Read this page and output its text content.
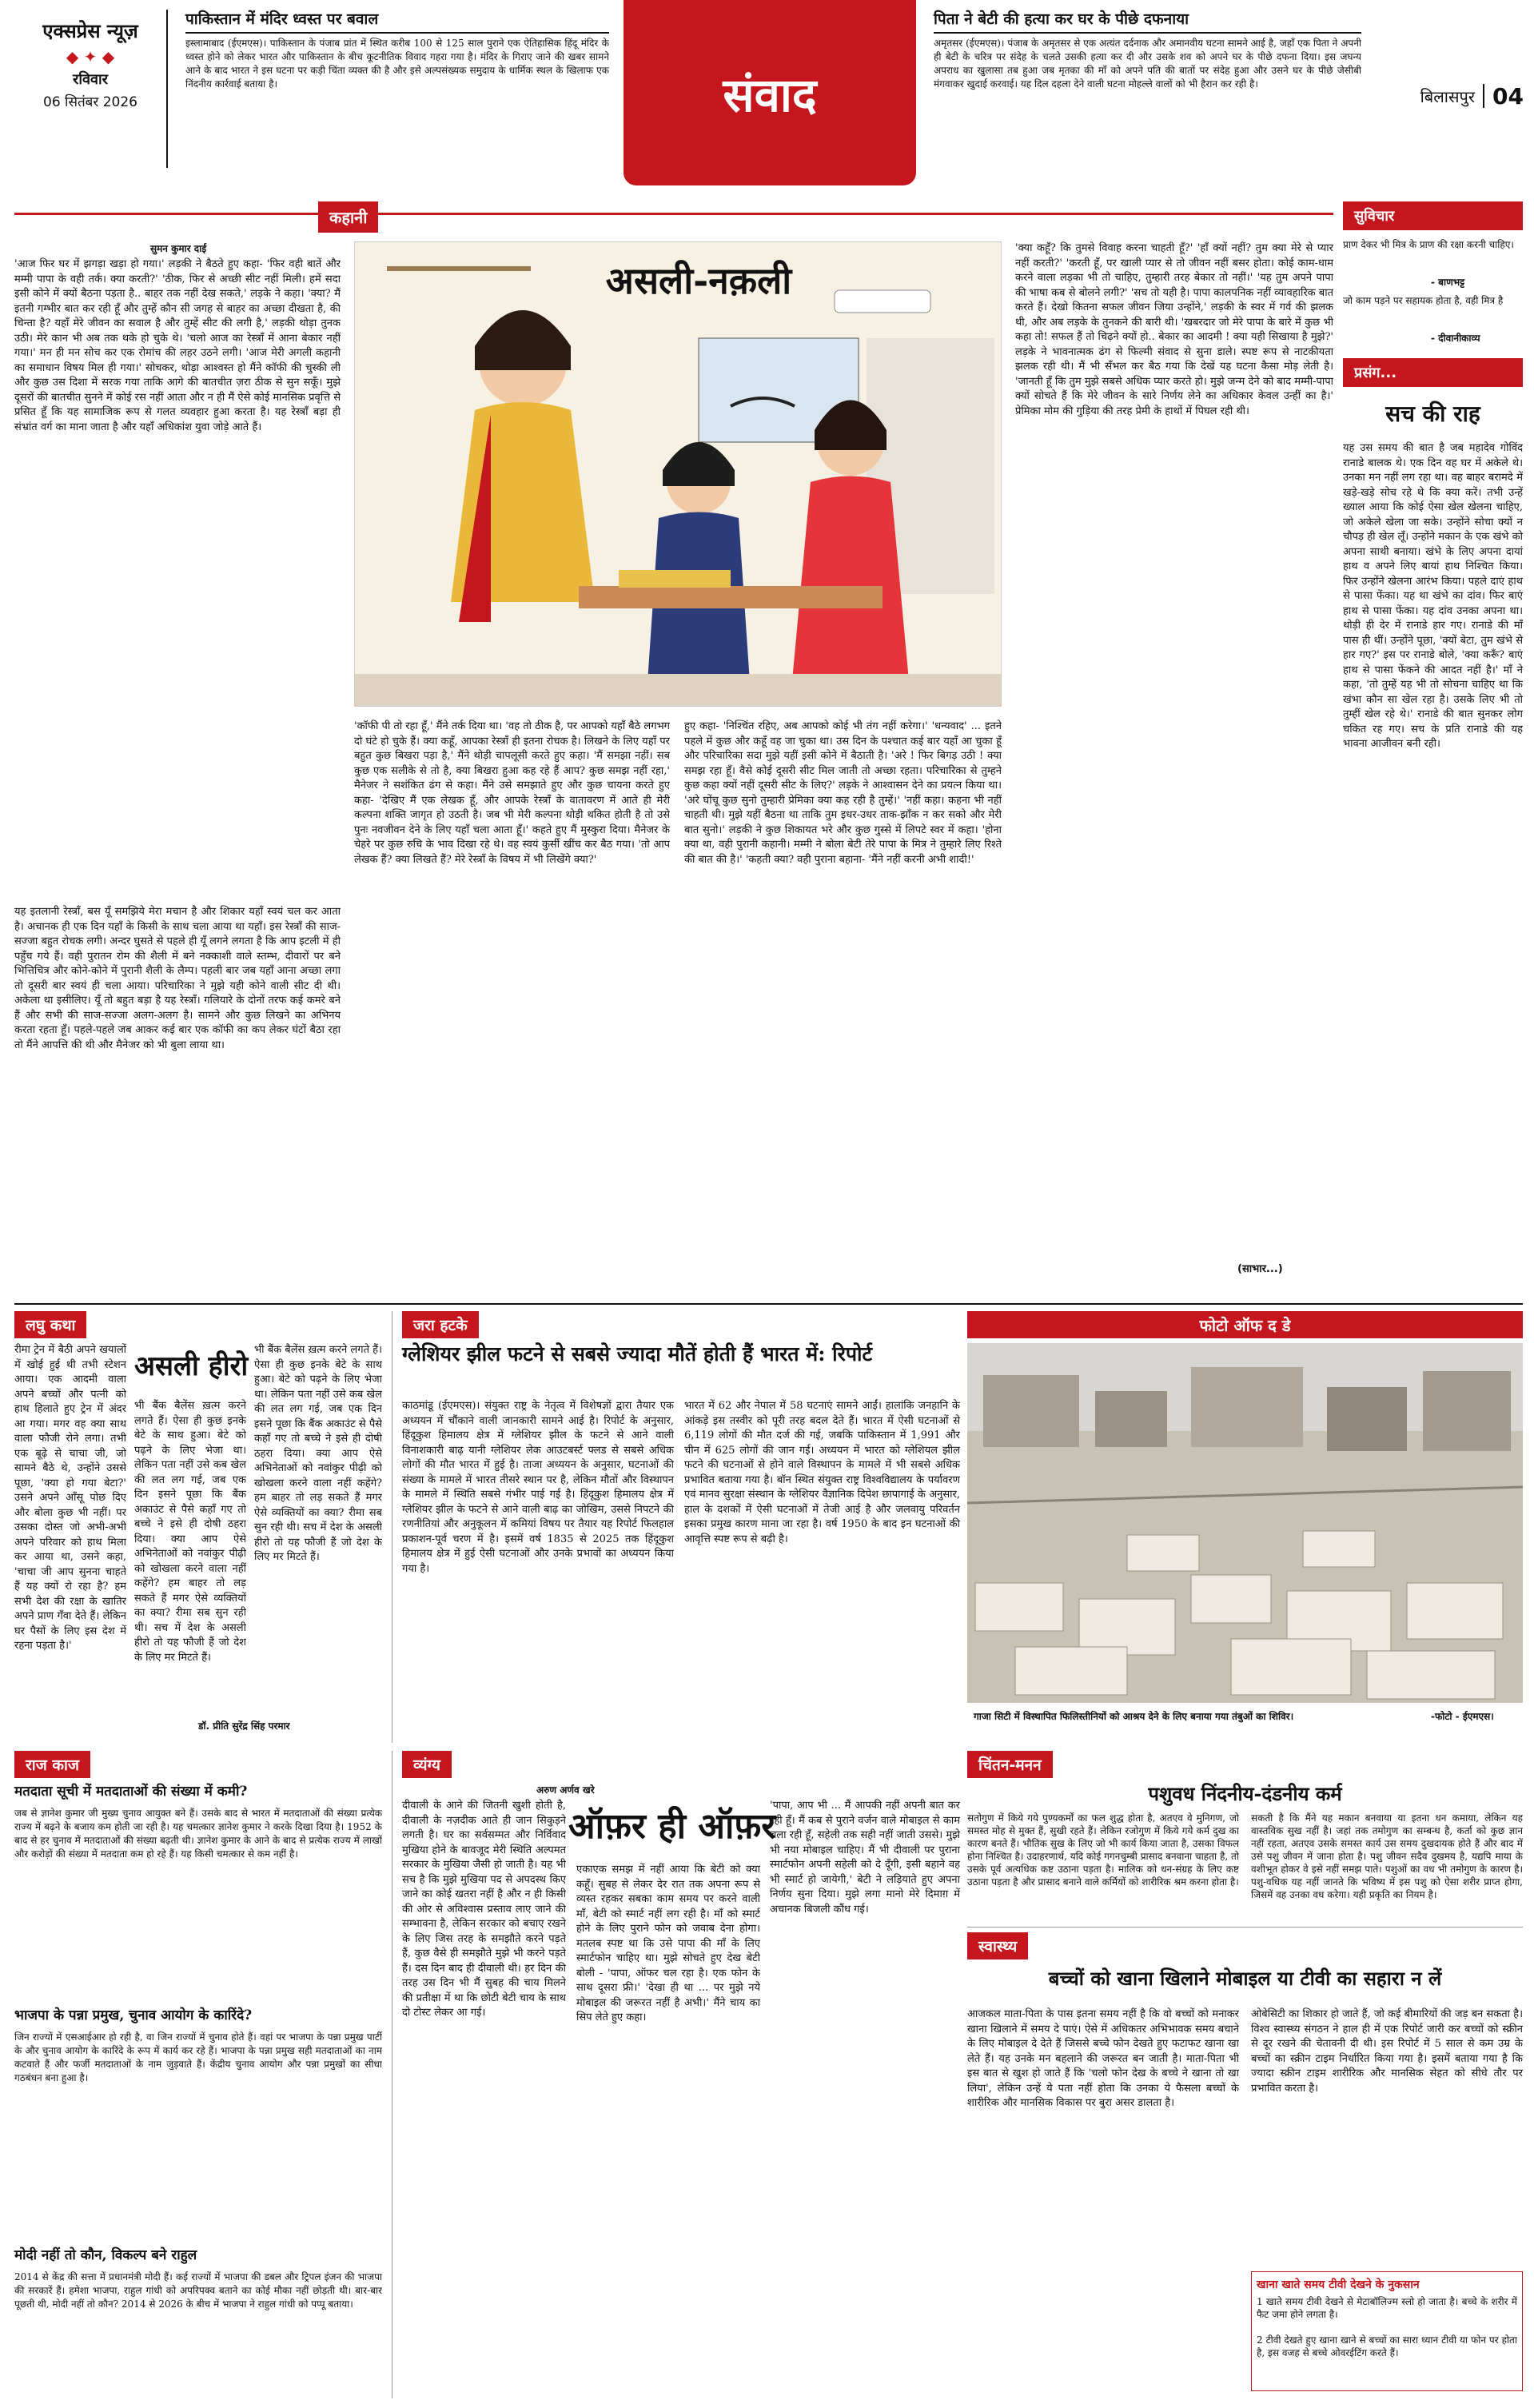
एक्सप्रेस न्यूज़
◆ ✦ ◆
रविवार
06 सितंबर 2026
पाकिस्तान में मंदिर ध्वस्त पर बवाल
इस्लामाबाद (ईएमएस)। पाकिस्तान के पंजाब प्रांत में स्थित करीब 100 से 125 साल पुराने एक ऐतिहासिक हिंदू मंदिर के ध्वस्त होने को लेकर भारत और पाकिस्तान के बीच कूटनीतिक विवाद गहरा गया है। मंदिर के गिराए जाने की खबर सामने आने के बाद भारत ने इस घटना पर कड़ी चिंता व्यक्त की है और इसे अल्पसंख्यक समुदाय के धार्मिक स्थल के खिलाफ एक निंदनीय कार्रवाई बताया है।	संवाद
पिता ने बेटी की हत्या कर घर के पीछे दफनाया
अमृतसर (ईएमएस)। पंजाब के अमृतसर से एक अत्यंत दर्दनाक और अमानवीय घटना सामने आई है, जहाँ एक पिता ने अपनी ही बेटी के चरित्र पर संदेह के चलते उसकी हत्या कर दी और उसके शव को अपने घर के पीछे दफना दिया। इस जघन्य अपराध का खुलासा तब हुआ जब मृतका की माँ को अपने पति की बातों पर संदेह हुआ और उसने घर के पीछे जेसीबी मंगवाकर खुदाई करवाई। यह दिल दहला देने वाली घटना मोहल्ले वालों को भी हैरान कर रही है।
बिलासपुर 04
कहानी
सुमन कुमार दाई
असली-नक़ली
'आज फिर घर में झगड़ा खड़ा हो गया।' लड़की ने बैठते हुए कहा- 'फिर वही बातें और मम्मी पापा के वही तर्क। क्या करती?' 'ठीक, फिर से अच्छी सीट नहीं मिली। हमें सदा इसी कोने में क्यों बैठना पड़ता है.. बाहर तक नहीं देख सकते,' लड़के ने कहा। 'क्या? मैं इतनी गम्भीर बात कर रही हूँ और तुम्हें कौन सी जगह से बाहर का अच्छा दीखता है, की चिन्ता है? यहाँ मेरे जीवन का सवाल है और तुम्हें सीट की लगी है,' लड़की थोड़ा तुनक उठी। मेरे कान भी अब तक थके हो चुके थे। 'चलो आज का रेस्त्राँ में आना बेकार नहीं गया।' मन ही मन सोच कर एक रोमांच की लहर उठने लगी। 'आज मेरी अगली कहानी का समाधान विषय मिल ही गया।' सोचकर, थोड़ा आश्वस्त हो मैंने कॉफी की चुस्की ली और कुछ उस दिशा में सरक गया ताकि आगे की बातचीत ज़रा ठीक से सुन सकूँ। मुझे दूसरों की बातचीत सुनने में कोई रस नहीं आता और न ही मैं ऐसे कोई मानसिक प्रवृत्ति से प्रसित हूँ कि यह सामाजिक रूप से गलत व्यवहार हुआ करता है। यह रेस्त्राँ बड़ा ही संभ्रांत वर्ग का माना जाता है और यहाँ अधिकांश युवा जोड़े आते हैं।
यह इतलानी रेस्त्राँ, बस यूँ समझिये मेरा मचान है और शिकार यहाँ स्वयं चल कर आता है। अचानक ही एक दिन यहाँ के किसी के साथ चला आया था यहाँ। इस रेस्त्राँ की साज-सज्जा बहुत रोचक लगी। अन्दर घुसते से पहले ही यूँ लगने लगता है कि आप इटली में ही पहुँच गये हैं। वही पुरातन रोम की शैली में बने नक्काशी वाले स्तम्भ, दीवारों पर बने भित्तिचित्र और कोने-कोने में पुरानी शैली के लैम्प। पहली बार जब यहाँ आना अच्छा लगा तो दूसरी बार स्वयं ही चला आया। परिचारिका ने मुझे यही कोने वाली सीट दी थी। अकेला था इसीलिए। यूँ तो बहुत बड़ा है यह रेस्त्राँ। गलियारे के दोनों तरफ कई कमरे बने हैं और सभी की साज-सज्जा अलग-अलग है। सामने और कुछ लिखने का अभिनय करता रहता हूँ। पहले-पहले जब आकर कई बार एक कॉफी का कप लेकर घंटों बैठा रहा तो मैंने आपत्ति की थी और मैनेजर को भी बुला लाया था।
'कॉफी पी तो रहा हूँ,' मैंने तर्क दिया था। 'वह तो ठीक है, पर आपको यहाँ बैठे लगभग दो घंटे हो चुके हैं। क्या कहूँ, आपका रेस्त्राँ ही इतना रोचक है। लिखने के लिए यहाँ पर बहुत कुछ बिखरा पड़ा है,' मैंने थोड़ी चापलूसी करते हुए कहा। 'मैं समझा नहीं। सब कुछ एक सलीके से तो है, क्या बिखरा हुआ कह रहे हैं आप? कुछ समझ नहीं रहा,' मैनेजर ने सशंकित ढंग से कहा। मैंने उसे समझाते हुए और कुछ चायना करते हुए कहा- 'देखिए मैं एक लेखक हूँ, और आपके रेस्त्राँ के वातावरण में आते ही मेरी कल्पना शक्ति जागृत हो उठती है। जब भी मेरी कल्पना थोड़ी थकित होती है तो उसे पुनः नवजीवन देने के लिए यहाँ चला आता हूँ।' कहते हुए मैं मुस्कुरा दिया। मैनेजर के चेहरे पर कुछ रुचि के भाव दिखा रहे थे। वह स्वयं कुर्सी खींच कर बैठ गया। 'तो आप लेखक हैं? क्या लिखते हैं? मेरे रेस्त्राँ के विषय में भी लिखेंगे क्या?'
हुए कहा- 'निश्चिंत रहिए, अब आपको कोई भी तंग नहीं करेगा।' 'धन्यवाद' ... इतने पहले में कुछ और कहूँ वह जा चुका था। उस दिन के पश्चात कई बार यहाँ आ चुका हूँ और परिचारिका सदा मुझे यहीं इसी कोने में बैठाती है। 'अरे ! फिर बिगड़ उठी ! क्या समझ रहा हूँ। वैसे कोई दूसरी सीट मिल जाती तो अच्छा रहता। परिचारिका से तुम्हने कुछ कहा क्यों नहीं दूसरी सीट के लिए?' लड़के ने आश्वासन देने का प्रयत्न किया था। 'अरे घोंचू कुछ सुनो तुम्हारी प्रेमिका क्या कह रही है तुम्हें।' 'नहीं कहा। कहना भी नहीं चाहती थी। मुझे यहीं बैठना था ताकि तुम इधर-उधर ताक-झाँक न कर सको और मेरी बात सुनो।' लड़की ने कुछ शिकायत भरे और कुछ गुस्से में लिपटे स्वर में कहा। 'होना क्या था, वही पुरानी कहानी। मम्मी ने बोला बेटी तेरे पापा के मित्र ने तुम्हारे लिए रिश्ते की बात की है।' 'कहती क्या? वही पुराना बहाना- 'मैंने नहीं करनी अभी शादी!'
'क्या कहूँ? कि तुमसे विवाह करना चाहती हूँ?' 'हाँ क्यों नहीं? तुम क्या मेरे से प्यार नहीं करती?' 'करती हूँ, पर खाली प्यार से तो जीवन नहीं बसर होता। कोई काम-धाम करने वाला लड़का भी तो चाहिए, तुम्हारी तरह बेकार तो नहीं।' 'यह तुम अपने पापा की भाषा कब से बोलने लगी?' 'सच तो यही है। पापा कालपनिक नहीं व्यावहारिक बात करते हैं। देखो कितना सफल जीवन जिया उन्होंने,' लड़की के स्वर में गर्व की झलक थी, और अब लड़के के तुनकने की बारी थी। 'खबरदार जो मेरे पापा के बारे में कुछ भी कहा तो! सफल हैं तो चिढ़ने क्यों हो.. बेकार का आदमी ! क्या यही सिखाया है मुझे?' लड़के ने भावनात्मक ढंग से फिल्मी संवाद से सुना डाले। स्पष्ट रूप से नाटकीयता झलक रही थी। मैं भी सँभल कर बैठ गया कि देखें यह घटना कैसा मोड़ लेती है। 'जानती हूँ कि तुम मुझे सबसे अधिक प्यार करते हो। मुझे जन्म देने को बाद मम्मी-पापा क्यों सोचते हैं कि मेरे जीवन के सारे निर्णय लेने का अधिकार केवल उन्हीं का है।' प्रेमिका मोम की गुड़िया की तरह प्रेमी के हाथों में पिघल रही थी।
(साभार...)
सुविचार
प्राण देकर भी मित्र के प्राण की रक्षा करनी चाहिए।
- बाणभट्ट
जो काम पड़ने पर सहायक होता है, वही मित्र है
- दीवानीकाव्य
प्रसंग...
सच की राह
यह उस समय की बात है जब महादेव गोविंद रानाडे बालक थे। एक दिन वह घर में अकेले थे। उनका मन नहीं लग रहा था। वह बाहर बरामदे में खड़े-खड़े सोच रहे थे कि क्या करें। तभी उन्हें ख्याल आया कि कोई ऐसा खेल खेलना चाहिए, जो अकेले खेला जा सके। उन्होंने सोचा क्यों न चौपड़ ही खेल लूँ। उन्होंने मकान के एक खंभे को अपना साथी बनाया। खंभे के लिए अपना दायां हाथ व अपने लिए बायां हाथ निश्चित किया। फिर उन्होंने खेलना आरंभ किया। पहले दाएं हाथ से पासा फेंका। यह था खंभे का दांव। फिर बाएं हाथ से पासा फेंका। यह दांव उनका अपना था। थोड़ी ही देर में रानाडे हार गए। रानाडे की माँ पास ही थीं। उन्होंने पूछा, 'क्यों बेटा, तुम खंभे से हार गए?' इस पर रानाडे बोले, 'क्या करूँ? बाएं हाथ से पासा फेंकने की आदत नहीं है।' माँ ने कहा, 'तो तुम्हें यह भी तो सोचना चाहिए था कि खंभा कौन सा खेल रहा है। उसके लिए भी तो तुम्हीं खेल रहे थे।' रानाडे की बात सुनकर लोग चकित रह गए। सच के प्रति रानाडे की यह भावना आजीवन बनी रही।
लघु कथा
असली हीरो
रीमा ट्रेन में बैठी अपने खयालों में खोई हुई थी तभी स्टेशन आया। एक आदमी वाला अपने बच्चों और पत्नी को हाथ हिलाते हुए ट्रेन में अंदर आ गया। मगर वह क्या साथ वाला फौजी रोने लगा। तभी एक बूढ़े से चाचा जी, जो सामने बैठे थे, उन्होंने उससे पूछा, 'क्या हो गया बेटा?' उसने अपने आँसू पोछ दिए और बोला कुछ भी नहीं। पर उसका दोस्त जो अभी-अभी अपने परिवार को हाथ मिला कर आया था, उसने कहा, 'चाचा जी आप सुनना चाहते हैं यह क्यों रो रहा है? हम सभी देश की रक्षा के खातिर अपने प्राण गँवा देते हैं। लेकिन घर पैसों के लिए इस देश में रहना पड़ता है।'
भी बैंक बैलेंस ख़त्म करने लगते हैं। ऐसा ही कुछ इनके बेटे के साथ हुआ। बेटे को पढ़ने के लिए भेजा था। लेकिन पता नहीं उसे कब खेल की लत लग गई, जब एक दिन इसने पूछा कि बैंक अकाउंट से पैसे कहाँ गए तो बच्चे ने इसे ही दोषी ठहरा दिया। क्या आप ऐसे अभिनेताओं को नवांकुर पीढ़ी को खोखला करने वाला नहीं कहेंगे? हम बाहर तो लड़ सकते हैं मगर ऐसे व्यक्तियों का क्या? रीमा सब सुन रही थी। सच में देश के असली हीरो तो यह फौजी हैं जो देश के लिए मर मिटते हैं।
भी बैंक बैलेंस ख़त्म करने लगते हैं। ऐसा ही कुछ इनके बेटे के साथ हुआ। बेटे को पढ़ने के लिए भेजा था। लेकिन पता नहीं उसे कब खेल की लत लग गई, जब एक दिन इसने पूछा कि बैंक अकाउंट से पैसे कहाँ गए तो बच्चे ने इसे ही दोषी ठहरा दिया। क्या आप ऐसे अभिनेताओं को नवांकुर पीढ़ी को खोखला करने वाला नहीं कहेंगे? हम बाहर तो लड़ सकते हैं मगर ऐसे व्यक्तियों का क्या? रीमा सब सुन रही थी। सच में देश के असली हीरो तो यह फौजी हैं जो देश के लिए मर मिटते हैं।
डॉ. प्रीति सुरेंद्र सिंह परमार
जरा हटके
ग्लेशियर झील फटने से सबसे ज्यादा मौतें होती हैं भारत में: रिपोर्ट
काठमांडू (ईएमएस)। संयुक्त राष्ट्र के नेतृत्व में विशेषज्ञों द्वारा तैयार एक अध्ययन में चौंकाने वाली जानकारी सामने आई है। रिपोर्ट के अनुसार, हिंदूकुश हिमालय क्षेत्र में ग्लेशियर झील के फटने से आने वाली विनाशकारी बाढ़ यानी ग्लेशियर लेक आउटबर्स्ट फ्लड से सबसे अधिक लोगों की मौत भारत में हुई है। ताजा अध्ययन के अनुसार, घटनाओं की संख्या के मामले में भारत तीसरे स्थान पर है, लेकिन मौतों और विस्थापन के मामले में स्थिति सबसे गंभीर पाई गई है। हिंदूकुश हिमालय क्षेत्र में ग्लेशियर झील के फटने से आने वाली बाढ़ का जोखिम, उससे निपटने की रणनीतियां और अनुकूलन में कमियां विषय पर तैयार यह रिपोर्ट फिलहाल प्रकाशन-पूर्व चरण में है। इसमें वर्ष 1835 से 2025 तक हिंदूकुश हिमालय क्षेत्र में हुई ऐसी घटनाओं और उनके प्रभावों का अध्ययन किया गया है।
भारत में 62 और नेपाल में 58 घटनाएं सामने आईं। हालांकि जनहानि के आंकड़े इस तस्वीर को पूरी तरह बदल देते हैं। भारत में ऐसी घटनाओं से 6,119 लोगों की मौत दर्ज की गई, जबकि पाकिस्तान में 1,991 और चीन में 625 लोगों की जान गई। अध्ययन में भारत को ग्लेशियल झील फटने की घटनाओं से होने वाले विस्थापन के मामले में भी सबसे अधिक प्रभावित बताया गया है। बॉन स्थित संयुक्त राष्ट्र विश्वविद्यालय के पर्यावरण एवं मानव सुरक्षा संस्थान के ग्लेशियर वैज्ञानिक दिपेश छापागाई के अनुसार, हाल के दशकों में ऐसी घटनाओं में तेजी आई है और जलवायु परिवर्तन इसका प्रमुख कारण माना जा रहा है। वर्ष 1950 के बाद इन घटनाओं की आवृत्ति स्पष्ट रूप से बढ़ी है।
फोटो ऑफ द डे
गाजा सिटी में विस्थापित फिलिस्तीनियों को आश्रय देने के लिए बनाया गया तंबुओं का शिविर।	-फोटो - ईएमएस।
राज काज
मतदाता सूची में मतदाताओं की संख्या में कमी?
जब से ज्ञानेश कुमार जी मुख्य चुनाव आयुक्त बने हैं। उसके बाद से भारत में मतदाताओं की संख्या प्रत्येक राज्य में बढ़ने के बजाय कम होती जा रही है। यह चमत्कार ज्ञानेश कुमार ने करके दिखा दिया है। 1952 के बाद से हर चुनाव में मतदाताओं की संख्या बढ़ती थी। ज्ञानेश कुमार के आने के बाद से प्रत्येक राज्य में लाखों और करोड़ों की संख्या में मतदाता कम हो रहे हैं। यह किसी चमत्कार से कम नहीं है।
भाजपा के पन्ना प्रमुख, चुनाव आयोग के कारिंदे?
जिन राज्यों में एसआईआर हो रही है, वा जिन राज्यों में चुनाव होते हैं। वहां पर भाजपा के पन्ना प्रमुख पार्टी के और चुनाव आयोग के कारिंदे के रूप में कार्य कर रहे हैं। भाजपा के पन्ना प्रमुख सही मतदाताओं का नाम कटवाते हैं और फर्जी मतदाताओं के नाम जुड़वाते हैं। केंद्रीय चुनाव आयोग और पन्ना प्रमुखों का सीधा गठबंधन बना हुआ है।
मोदी नहीं तो कौन, विकल्प बने राहुल
2014 से केंद्र की सत्ता में प्रधानमंत्री मोदी हैं। कई राज्यों में भाजपा की डबल और ट्रिपल इंजन की भाजपा की सरकारें हैं। हमेशा भाजपा, राहुल गांधी को अपरिपक्व बताने का कोई मौका नहीं छोड़ती थी। बार-बार पूछती थी, मोदी नहीं तो कौन? 2014 से 2026 के बीच में भाजपा ने राहुल गांधी को पप्पू बताया।
व्यंग्य
अरुण अर्णव खरे
ऑफ़र ही ऑफ़र
दीवाली के आने की जितनी खुशी होती है, दीवाली के नज़दीक आते ही जान सिकुड़ने लगती है। घर का सर्वसम्मत और निर्विवाद मुखिया होने के बावजूद मेरी स्थिति अल्पमत सरकार के मुखिया जैसी हो जाती है। यह भी सच है कि मुझे मुखिया पद से अपदस्थ किए जाने का कोई खतरा नहीं है और न ही किसी की ओर से अविश्वास प्रस्ताव लाए जाने की सम्भावना है, लेकिन सरकार को बचाए रखने के लिए जिस तरह के समझौते करने पड़ते हैं, कुछ वैसे ही समझौते मुझे भी करने पड़ते हैं। दस दिन बाद ही दीवाली थी। हर दिन की तरह उस दिन भी मैं सुबह की चाय मिलने की प्रतीक्षा में था कि छोटी बेटी चाय के साथ दो टोस्ट लेकर आ गई।
एकाएक समझ में नहीं आया कि बेटी को क्या कहूँ। सुबह से लेकर देर रात तक अपना रूप से व्यस्त रहकर सबका काम समय पर करने वाली माँ, बेटी को स्मार्ट नहीं लग रही है। माँ को स्मार्ट होने के लिए पुराने फोन को जवाब देना होगा। मतलब स्पष्ट था कि उसे पापा की माँ के लिए स्मार्टफोन चाहिए था। मुझे सोचते हुए देख बेटी बोली - 'पापा, ऑफर चल रहा है। एक फोन के साथ दूसरा फ्री।' 'देखा ही था ... पर मुझे नये मोबाइल की जरूरत नहीं है अभी।' मैंने चाय का सिप लेते हुए कहा।
'पापा, आप भी ... मैं आपकी नहीं अपनी बात कर रही हूँ। मैं कब से पुराने वर्जन वाले मोबाइल से काम चला रही हूँ, सहेली तक सही नहीं जाती उससे। मुझे भी नया मोबाइल चाहिए। मैं भी दीवाली पर पुराना स्मार्टफोन अपनी सहेली को दे दूँगी, इसी बहाने वह भी स्मार्ट हो जायेगी,' बेटी ने लड़ियाते हुए अपना निर्णय सुना दिया। मुझे लगा मानो मेरे दिमाग़ में अचानक बिजली कौंध गई।
चिंतन-मनन
पशुवध निंदनीय-दंडनीय कर्म
सतोगुण में किये गये पुण्यकर्मों का फल शुद्ध होता है, अतएव वे मुनिगण, जो समस्त मोह से मुक्त हैं, सुखी रहते हैं। लेकिन रजोगुण में किये गये कर्म दुख का कारण बनते हैं। भौतिक सुख के लिए जो भी कार्य किया जाता है, उसका विफल होना निश्चित है। उदाहरणार्थ, यदि कोई गगनचुम्बी प्रासाद बनवाना चाहता है, तो उसके पूर्व अत्यधिक कष्ट उठाना पड़ता है। मालिक को धन-संग्रह के लिए कष्ट उठाना पड़ता है और प्रासाद बनाने वाले कर्मियों को शारीरिक श्रम करना होता है।
सकती है कि मैंने यह मकान बनवाया या इतना धन कमाया, लेकिन यह वास्तविक सुख नहीं है। जहां तक तमोगुण का सम्बन्ध है, कर्ता को कुछ ज्ञान नहीं रहता, अतएव उसके समस्त कार्य उस समय दुखदायक होते हैं और बाद में उसे पशु जीवन में जाना होता है। पशु जीवन सदैव दुखमय है, यद्यपि माया के वशीभूत होकर वे इसे नहीं समझ पाते। पशुओं का वध भी तमोगुण के कारण है। पशु-वधिक यह नहीं जानते कि भविष्य में इस पशु को ऐसा शरीर प्राप्त होगा, जिसमें वह उनका वध करेगा। यही प्रकृति का नियम है।
स्वास्थ्य
बच्चों को खाना खिलाने मोबाइल या टीवी का सहारा न लें
आजकल माता-पिता के पास इतना समय नहीं है कि वो बच्चों को मनाकर खाना खिलाने में समय दे पाएं। ऐसे में अधिकतर अभिभावक समय बचाने के लिए मोबाइल दे देते हैं जिससे बच्चे फोन देखते हुए फटाफट खाना खा लेते हैं। यह उनके मन बहलाने की जरूरत बन जाती है। माता-पिता भी इस बात से खुश हो जाते हैं कि 'चलो फोन देख के बच्चे ने खाना तो खा लिया', लेकिन उन्हें ये पता नहीं होता कि उनका ये फैसला बच्चों के शारीरिक और मानसिक विकास पर बुरा असर डालता है।
ओबेसिटी का शिकार हो जाते हैं, जो कई बीमारियों की जड़ बन सकता है। विश्व स्वास्थ्य संगठन ने हाल ही में एक रिपोर्ट जारी कर बच्चों को स्क्रीन से दूर रखने की चेतावनी दी थी। इस रिपोर्ट में 5 साल से कम उम्र के बच्चों का स्क्रीन टाइम निर्धारित किया गया है। इसमें बताया गया है कि ज्यादा स्क्रीन टाइम शारीरिक और मानसिक सेहत को सीधे तौर पर प्रभावित करता है।
खाना खाते समय टीवी देखने के नुकसान
1 खाते समय टीवी देखने से मेटाबॉलिज्म स्लो हो जाता है। बच्चे के शरीर में फैट जमा होने लगता है।
2 टीवी देखते हुए खाना खाने से बच्चों का सारा ध्यान टीवी या फोन पर होता है, इस वजह से बच्चे ओवरईटिंग करते हैं।
